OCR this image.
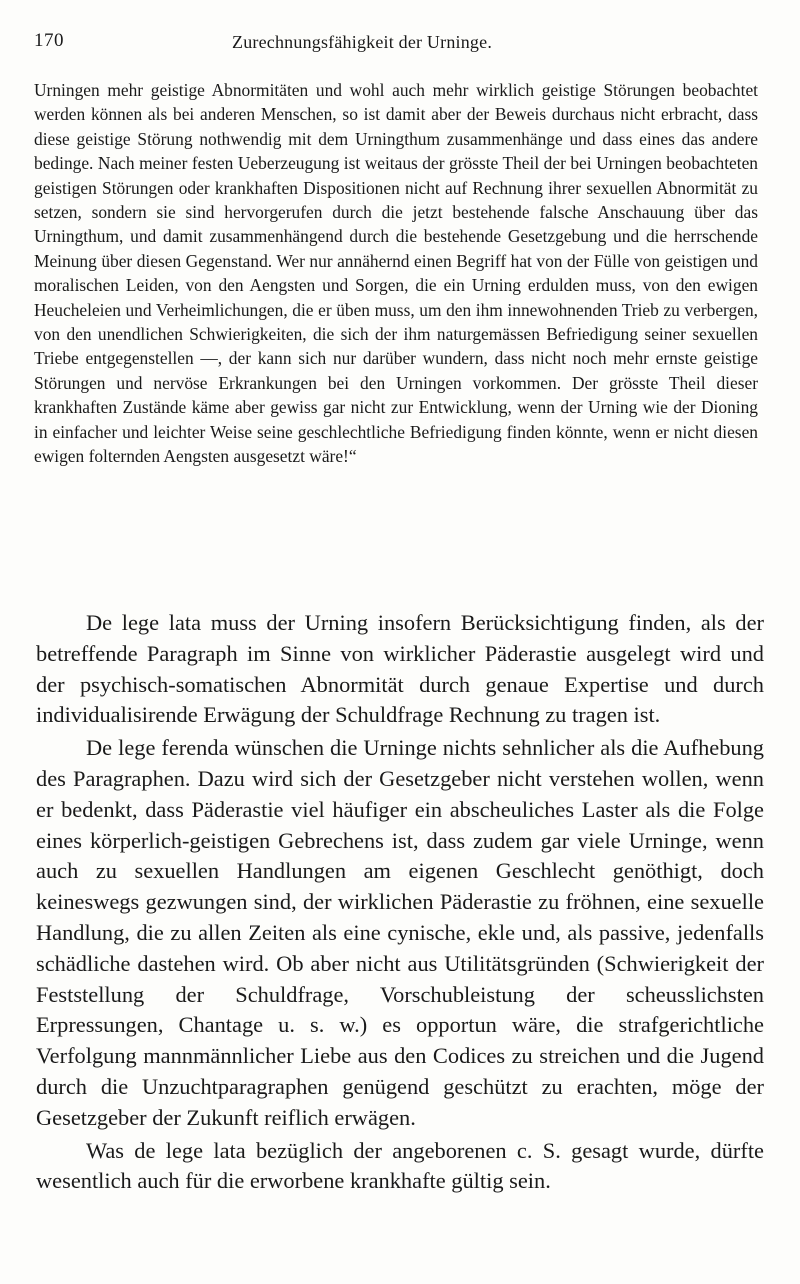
170	Zurechnungsfähigkeit der Urninge.

Urningen mehr geistige Abnormitäten und wohl auch mehr wirklich geistige Störungen beobachtet werden können als bei anderen Menschen, so ist damit aber der Beweis durchaus nicht erbracht, dass diese geistige Störung nothwendig mit dem Urningthum zusammenhänge und dass eines das andere bedinge. Nach meiner festen Ueberzeugung ist weitaus der grösste Theil der bei Urningen beobachteten geistigen Störungen oder krankhaften Dispositionen nicht auf Rechnung ihrer sexuellen Abnormität zu setzen, sondern sie sind hervorgerufen durch die jetzt bestehende falsche Anschauung über das Urningthum, und damit zusammenhängend durch die bestehende Gesetzgebung und die herrschende Meinung über diesen Gegenstand. Wer nur annähernd einen Begriff hat von der Fülle von geistigen und moralischen Leiden, von den Aengsten und Sorgen, die ein Urning erdulden muss, von den ewigen Heucheleien und Verheimlichungen, die er üben muss, um den ihm innewohnenden Trieb zu verbergen, von den unendlichen Schwierigkeiten, die sich der ihm naturgemässen Befriedigung seiner sexuellen Triebe entgegenstellen —, der kann sich nur darüber wundern, dass nicht noch mehr ernste geistige Störungen und nervöse Erkrankungen bei den Urningen vorkommen. Der grösste Theil dieser krankhaften Zustände käme aber gewiss gar nicht zur Entwicklung, wenn der Urning wie der Dioning in einfacher und leichter Weise seine geschlechtliche Befriedigung finden könnte, wenn er nicht diesen ewigen folternden Aengsten ausgesetzt wäre!“

De lege lata muss der Urning insofern Berücksichtigung finden, als der betreffende Paragraph im Sinne von wirklicher Päderastie ausgelegt wird und der psychisch-somatischen Abnormität durch genaue Expertise und durch individualisirende Erwägung der Schuldfrage Rechnung zu tragen ist.

De lege ferenda wünschen die Urninge nichts sehnlicher als die Aufhebung des Paragraphen. Dazu wird sich der Gesetzgeber nicht verstehen wollen, wenn er bedenkt, dass Päderastie viel häufiger ein abscheuliches Laster als die Folge eines körperlich-geistigen Gebrechens ist, dass zudem gar viele Urninge, wenn auch zu sexuellen Handlungen am eigenen Geschlecht genöthigt, doch keineswegs gezwungen sind, der wirklichen Päderastie zu fröhnen, eine sexuelle Handlung, die zu allen Zeiten als eine cynische, ekle und, als passive, jedenfalls schädliche dastehen wird. Ob aber nicht aus Utilitätsgründen (Schwierigkeit der Feststellung der Schuldfrage, Vorschubleistung der scheusslichsten Erpressungen, Chantage u. s. w.) es opportun wäre, die strafgerichtliche Verfolgung mannmännlicher Liebe aus den Codices zu streichen und die Jugend durch die Unzuchtparagraphen genügend geschützt zu erachten, möge der Gesetzgeber der Zukunft reiflich erwägen.

Was de lege lata bezüglich der angeborenen c. S. gesagt wurde, dürfte wesentlich auch für die erworbene krankhafte gültig sein.
